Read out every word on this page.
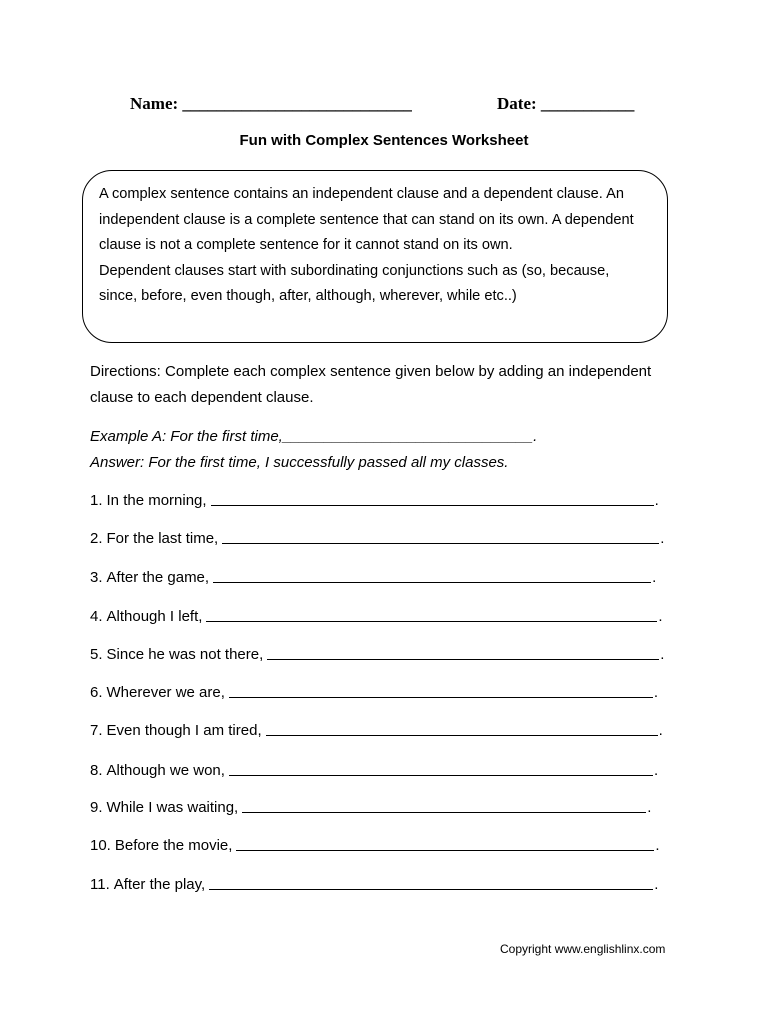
Name: ___________________________	Date: ___________
Fun with Complex Sentences Worksheet

A complex sentence contains an independent clause and a dependent clause. An independent clause is a complete sentence that can stand on its own. A dependent clause is not a complete sentence for it cannot stand on its own.

Dependent clauses start with subordinating conjunctions such as (so, because, since, before, even though, after, although, wherever, while etc..)

Directions: Complete each complex sentence given below by adding an independent clause to each dependent clause.

Example A: For the first time,______________________________.

Answer: For the first time, I successfully passed all my classes.

1. In the morning,	.
2. For the last time,	.
3. After the game,	.
4. Although I left,	.
5. Since he was not there,	.
6. Wherever we are,	.
7. Even though I am tired,	.
8. Although we won,	.
9. While I was waiting,	.
10. Before the movie,	.
11. After the play,	.
Copyright www.englishlinx.com
